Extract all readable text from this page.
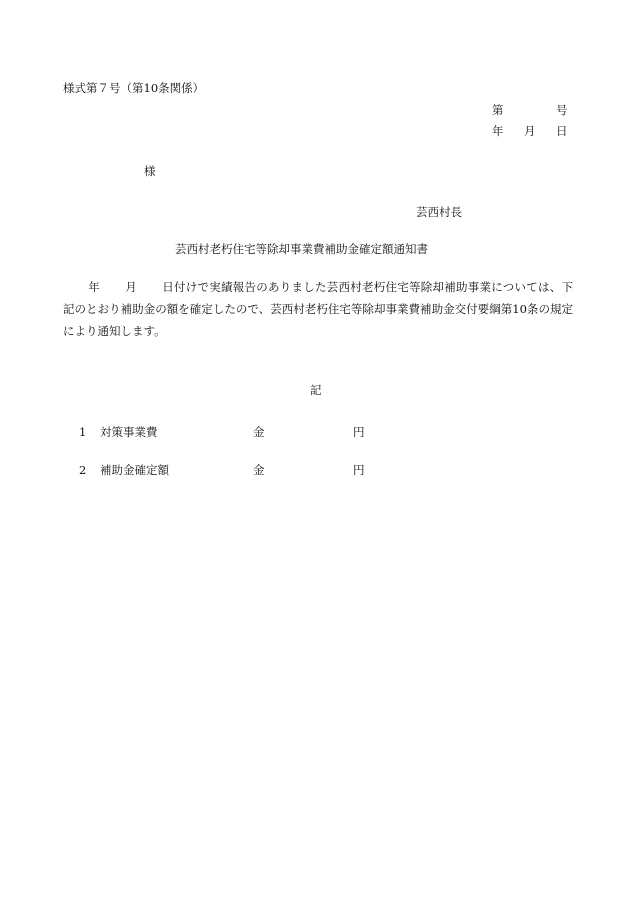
様式第７号（第10条関係）
第	号
年 月 日
様
芸西村長
芸西村老朽住宅等除却事業費補助金確定額通知書
年 月 日付けで実績報告のありました芸西村老朽住宅等除却補助事業については、下記のとおり補助金の額を確定したので、芸西村老朽住宅等除却事業費補助金交付要綱第10条の規定により通知します。
記
1 対策事業費	金	円
2 補助金確定額	金	円
